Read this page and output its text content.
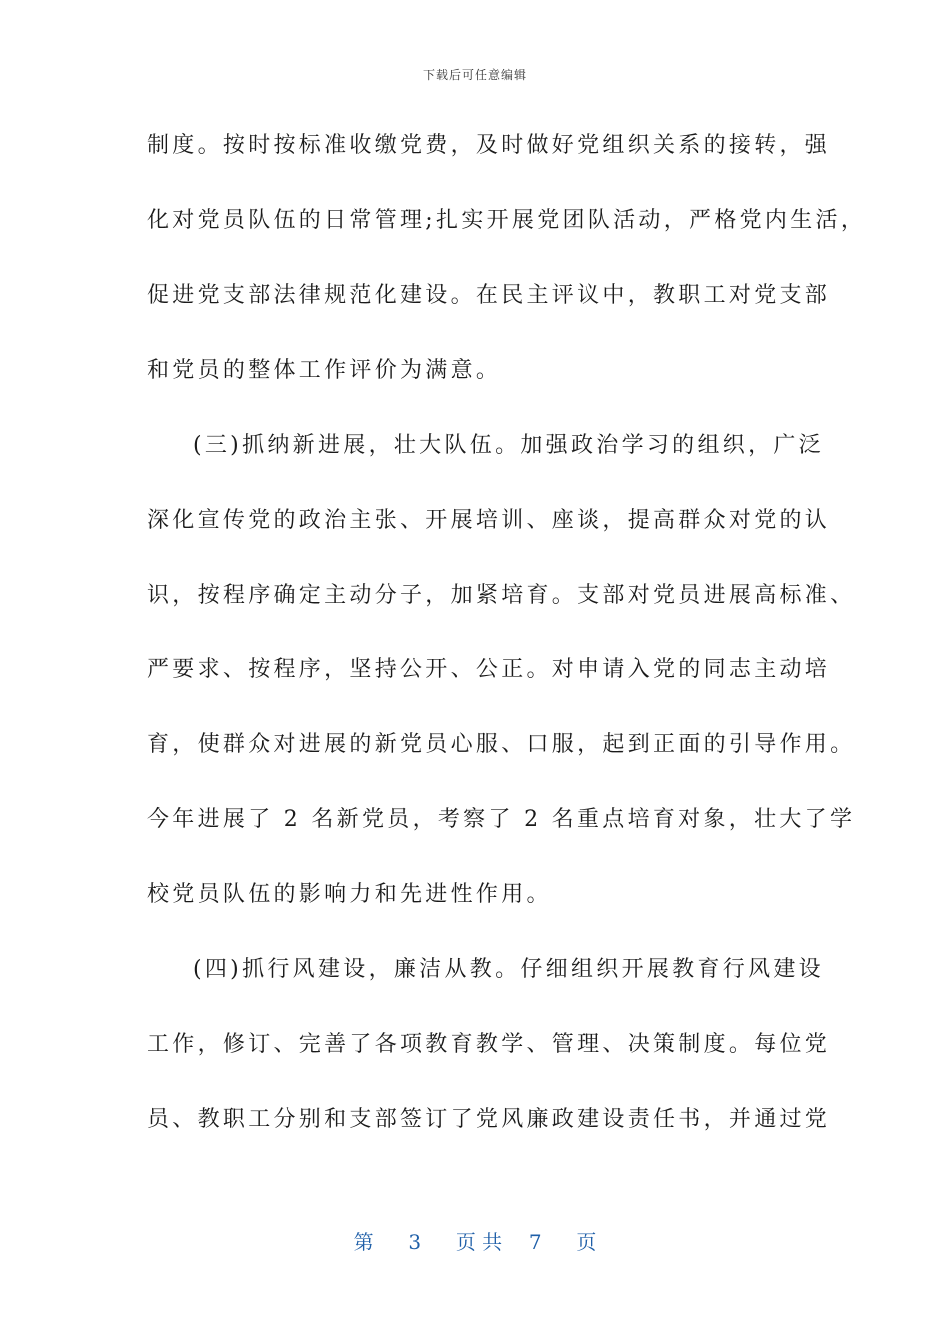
下载后可任意编辑
制度。按时按标准收缴党费，及时做好党组织关系的接转，强
化对党员队伍的日常管理;扎实开展党团队活动，严格党内生活，
促进党支部法律规范化建设。在民主评议中，教职工对党支部
和党员的整体工作评价为满意。
(三)抓纳新进展，壮大队伍。加强政治学习的组织，广泛
深化宣传党的政治主张、开展培训、座谈，提高群众对党的认
识，按程序确定主动分子，加紧培育。支部对党员进展高标准、
严要求、按程序，坚持公开、公正。对申请入党的同志主动培
育，使群众对进展的新党员心服、口服，起到正面的引导作用。
今年进展了 2 名新党员，考察了 2 名重点培育对象，壮大了学
校党员队伍的影响力和先进性作用。
(四)抓行风建设，廉洁从教。仔细组织开展教育行风建设
工作，修订、完善了各项教育教学、管理、决策制度。每位党
员、教职工分别和支部签订了党风廉政建设责任书，并通过党
第 3 页 共 7 页
